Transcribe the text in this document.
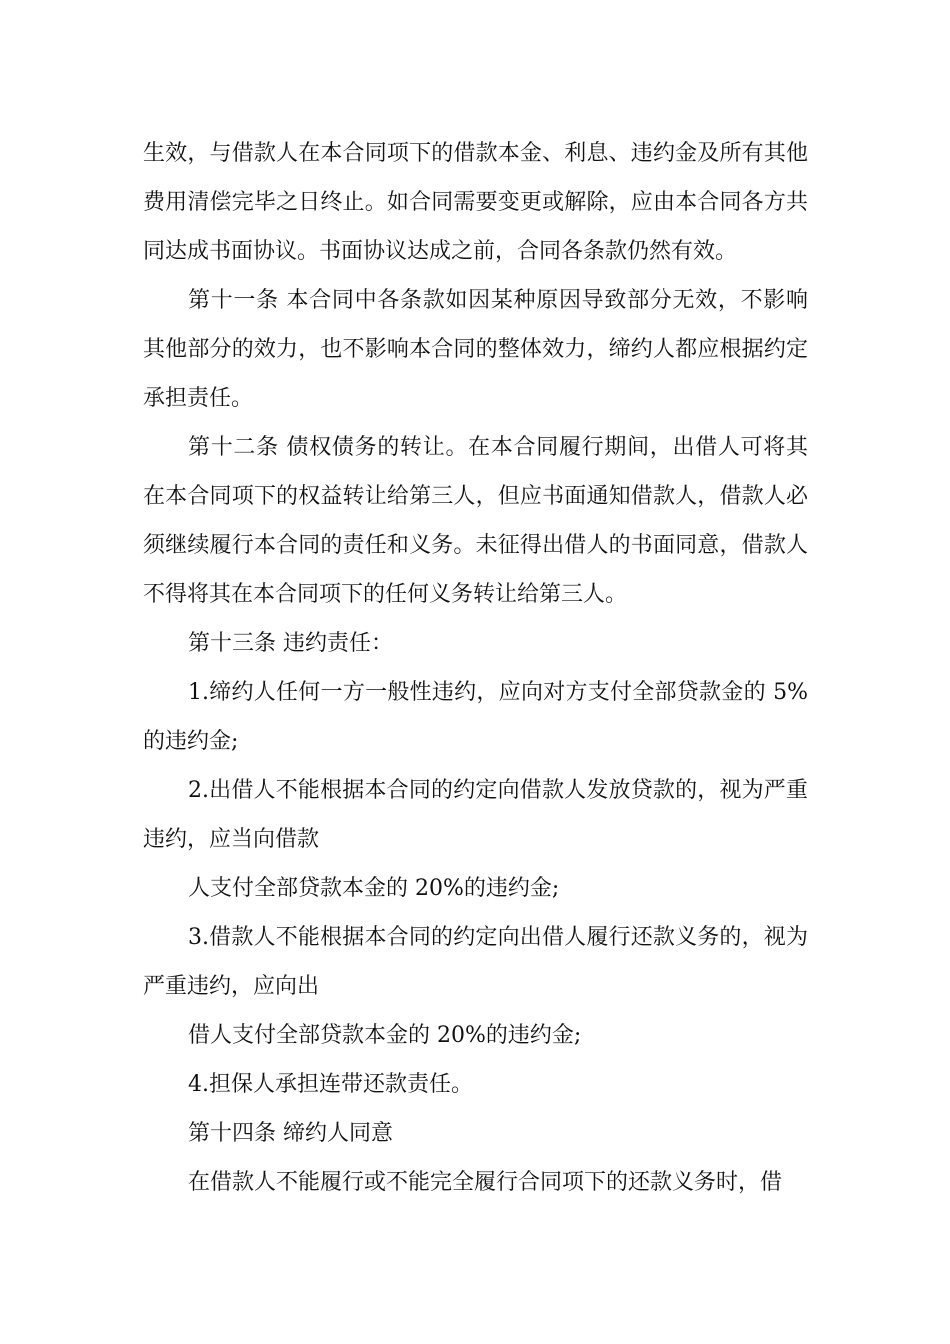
生效，与借款人在本合同项下的借款本金、利息、违约金及所有其他费用清偿完毕之日终止。如合同需要变更或解除，应由本合同各方共同达成书面协议。书面协议达成之前，合同各条款仍然有效。

第十一条 本合同中各条款如因某种原因导致部分无效，不影响其他部分的效力，也不影响本合同的整体效力，缔约人都应根据约定承担责任。

第十二条 债权债务的转让。在本合同履行期间，出借人可将其在本合同项下的权益转让给第三人，但应书面通知借款人，借款人必须继续履行本合同的责任和义务。未征得出借人的书面同意，借款人不得将其在本合同项下的任何义务转让给第三人。

第十三条 违约责任：

1.缔约人任何一方一般性违约，应向对方支付全部贷款金的 5%的违约金;

2.出借人不能根据本合同的约定向借款人发放贷款的，视为严重违约，应当向借款

人支付全部贷款本金的 20%的违约金;

3.借款人不能根据本合同的约定向出借人履行还款义务的，视为严重违约，应向出

借人支付全部贷款本金的 20%的违约金;

4.担保人承担连带还款责任。

第十四条 缔约人同意

在借款人不能履行或不能完全履行合同项下的还款义务时，借
